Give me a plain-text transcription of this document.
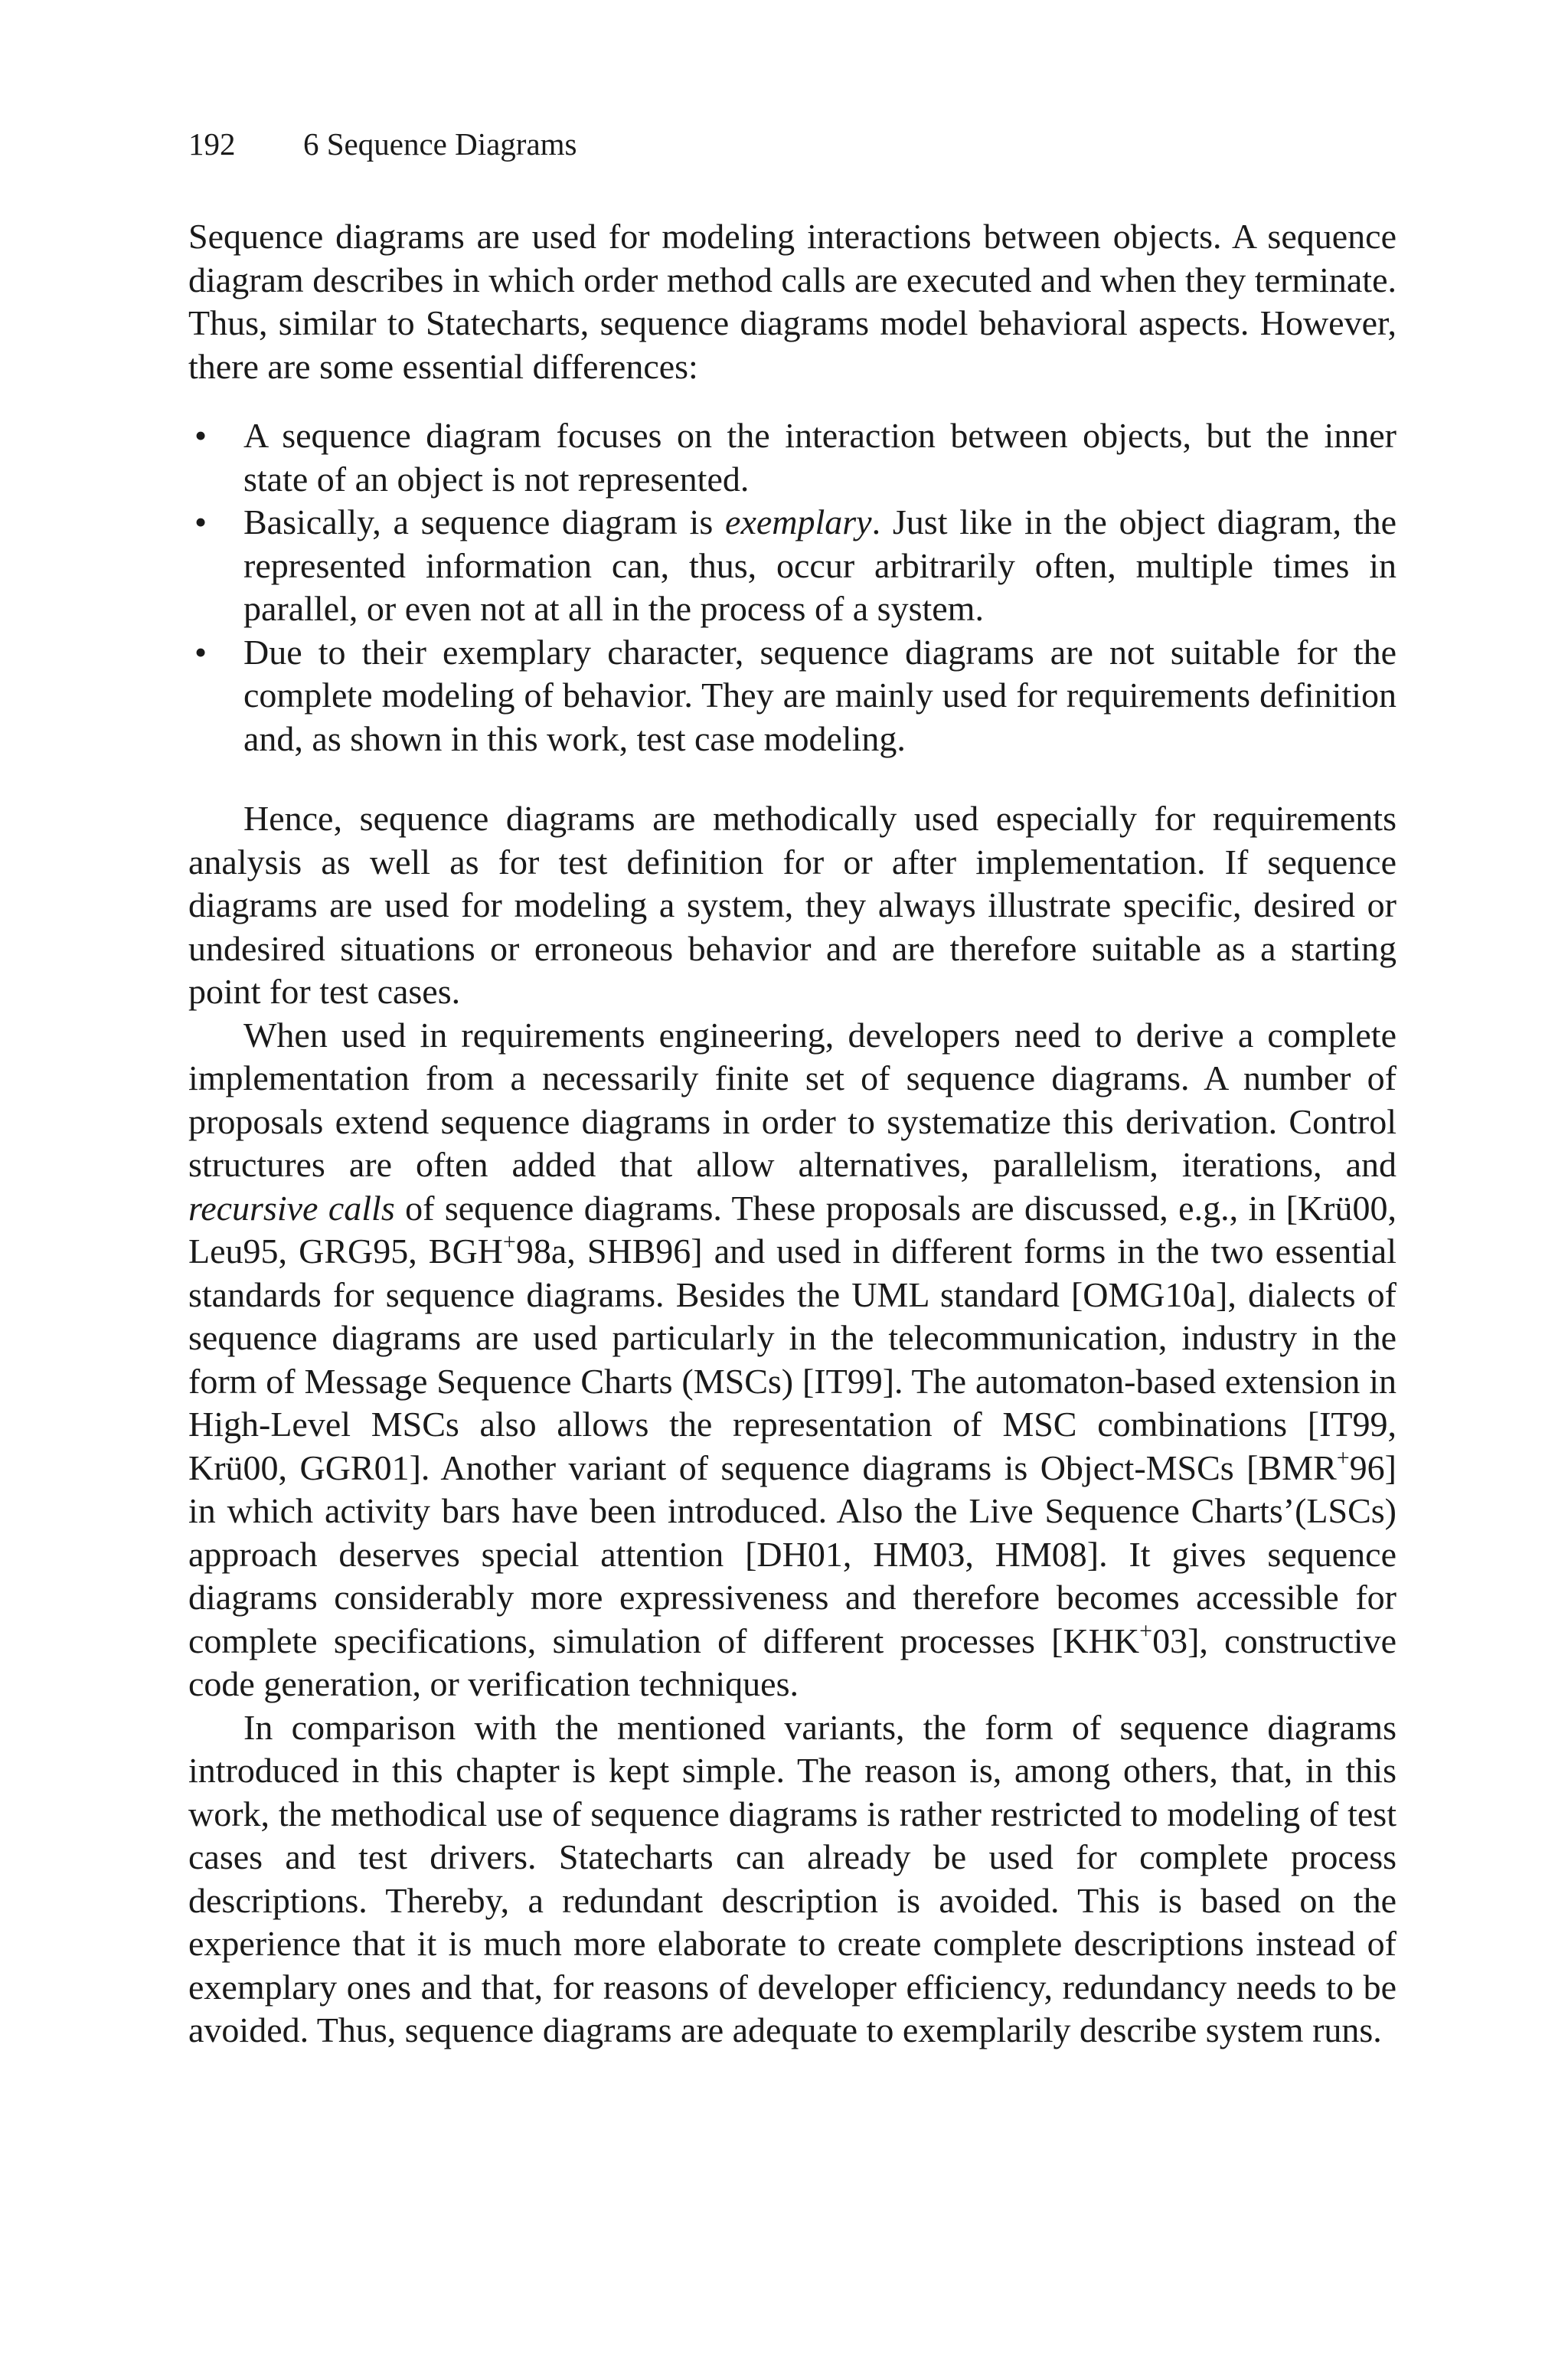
192 6 Sequence Diagrams

Sequence diagrams are used for modeling interactions between objects. A sequence diagram describes in which order method calls are executed and when they terminate. Thus, similar to Statecharts, sequence diagrams model behavioral aspects. However, there are some essential differences:

• A sequence diagram focuses on the interaction between objects, but the inner state of an object is not represented.
• Basically, a sequence diagram is exemplary. Just like in the object diagram, the represented information can, thus, occur arbitrarily often, multiple times in parallel, or even not at all in the process of a system.
• Due to their exemplary character, sequence diagrams are not suitable for the complete modeling of behavior. They are mainly used for requirements definition and, as shown in this work, test case modeling.

Hence, sequence diagrams are methodically used especially for requirements analysis as well as for test definition for or after implementation. If sequence diagrams are used for modeling a system, they always illustrate specific, desired or undesired situations or erroneous behavior and are therefore suitable as a starting point for test cases.

When used in requirements engineering, developers need to derive a complete implementation from a necessarily finite set of sequence diagrams. A number of proposals extend sequence diagrams in order to systematize this derivation. Control structures are often added that allow alternatives, parallelism, iterations, and recursive calls of sequence diagrams. These proposals are discussed, e.g., in [Krü00, Leu95, GRG95, BGH+98a, SHB96] and used in different forms in the two essential standards for sequence diagrams. Besides the UML standard [OMG10a], dialects of sequence diagrams are used particularly in the telecommunication, industry in the form of Message Sequence Charts (MSCs) [IT99]. The automaton-based extension in High-Level MSCs also allows the representation of MSC combinations [IT99, Krü00, GGR01]. Another variant of sequence diagrams is Object-MSCs [BMR+96] in which activity bars have been introduced. Also the Live Sequence Charts’(LSCs) approach deserves special attention [DH01, HM03, HM08]. It gives sequence diagrams considerably more expressiveness and therefore becomes accessible for complete specifications, simulation of different processes [KHK+03], constructive code generation, or verification techniques.

In comparison with the mentioned variants, the form of sequence diagrams introduced in this chapter is kept simple. The reason is, among others, that, in this work, the methodical use of sequence diagrams is rather restricted to modeling of test cases and test drivers. Statecharts can already be used for complete process descriptions. Thereby, a redundant description is avoided. This is based on the experience that it is much more elaborate to create complete descriptions instead of exemplary ones and that, for reasons of developer efficiency, redundancy needs to be avoided. Thus, sequence diagrams are adequate to exemplarily describe system runs.
